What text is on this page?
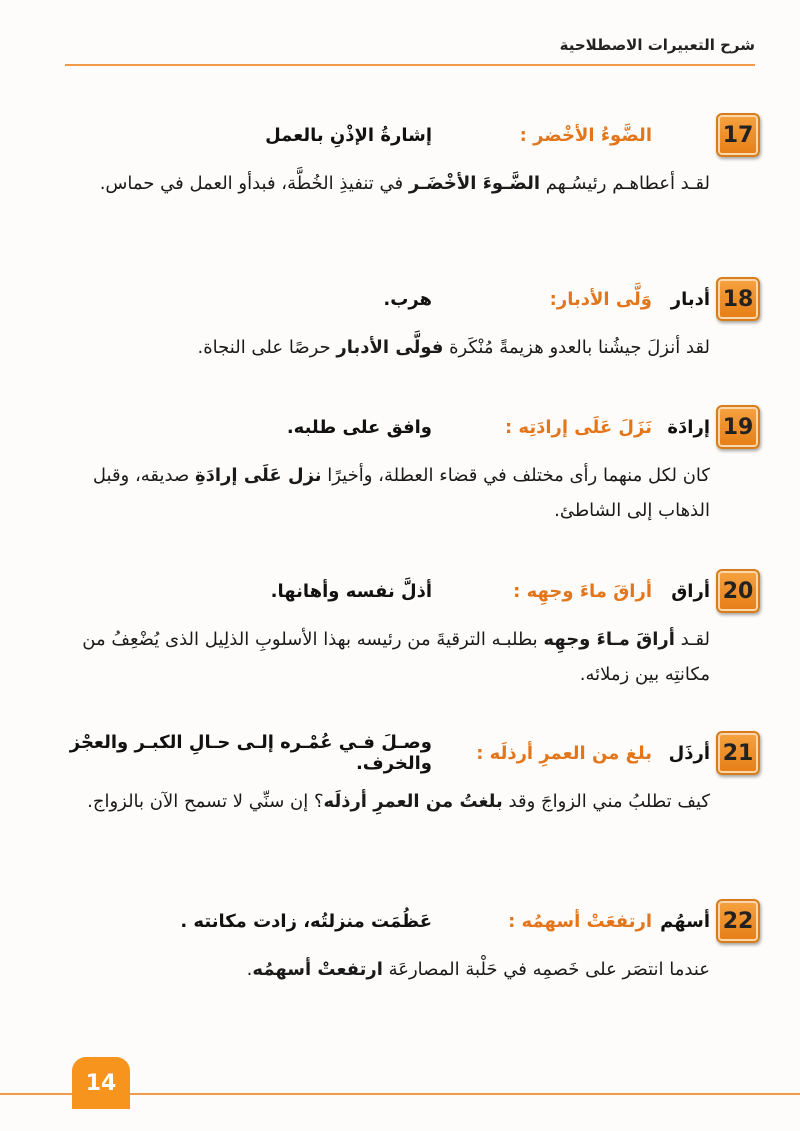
شرح التعبيرات الاصطلاحية
17
الضَّوءُ الأخْضر :
إشارةُ الإذْنِ بالعمل
لقـد أعطاهـم رئيسُـهم الضَّـوءَ الأخْضَـر في تنفيذِ الخُطَّة، فبدأو العمل في حماس.
18
أدبار
وَلَّى الأدبار:
هرب.
لقد أنزلَ جيشُنا بالعدو هزيمةً مُنْكَرة فولَّى الأدبار حرصًا على النجاة.
19
إرادَة
نَزَلَ عَلَى إرادَتِه :
وافق على طلبه.
كان لكل منهما رأى مختلف في قضاء العطلة، وأخيرًا نزل عَلَى إرادَةِ صديقه، وقبل الذهاب إلى الشاطئ.
20
أراق
أراقَ ماءَ وجهِه :
أذلَّ نفسه وأهانها.
لقـد أراقَ مـاءَ وجهِه بطلبـه الترقيةَ من رئيسه بهذا الأسلوبِ الذلِيل الذى يُضْعِفُ من مكانتِه بين زملائه.
21
أرذَل
بلغ من العمرِ أرذلَه :
وصـلَ فـي عُمْـره إلـى حـالِ الكبـر والعجْز والخرف.
كيف تطلبُ مني الزواجَ وقد بلغتُ من العمرِ أرذلَه؟ إن سنِّي لا تسمح الآن بالزواج.
22
أسهُم
ارتفعَتْ أسهمُه :
عَظُمَت منزلتُه، زادت مكانته .
عندما انتصَر على خَصمِه في حَلْبة المصارعَة ارتفعتْ أسهمُه.
14
